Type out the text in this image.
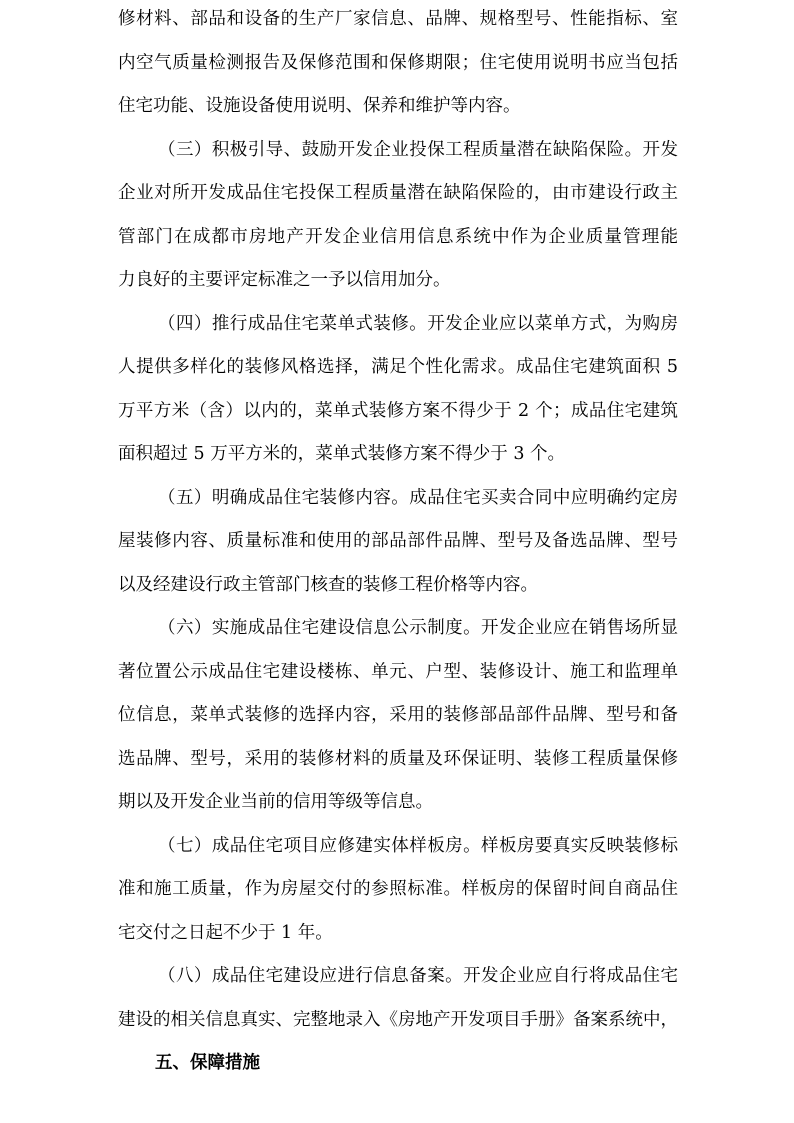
修材料、部品和设备的生产厂家信息、品牌、规格型号、性能指标、室
内空气质量检测报告及保修范围和保修期限；住宅使用说明书应当包括
住宅功能、设施设备使用说明、保养和维护等内容。
（三）积极引导、鼓励开发企业投保工程质量潜在缺陷保险。开发
企业对所开发成品住宅投保工程质量潜在缺陷保险的，由市建设行政主
管部门在成都市房地产开发企业信用信息系统中作为企业质量管理能
力良好的主要评定标准之一予以信用加分。
（四）推行成品住宅菜单式装修。开发企业应以菜单方式，为购房
人提供多样化的装修风格选择，满足个性化需求。成品住宅建筑面积 5
万平方米（含）以内的，菜单式装修方案不得少于 2 个；成品住宅建筑
面积超过 5 万平方米的，菜单式装修方案不得少于 3 个。
（五）明确成品住宅装修内容。成品住宅买卖合同中应明确约定房
屋装修内容、质量标准和使用的部品部件品牌、型号及备选品牌、型号
以及经建设行政主管部门核查的装修工程价格等内容。
（六）实施成品住宅建设信息公示制度。开发企业应在销售场所显
著位置公示成品住宅建设楼栋、单元、户型、装修设计、施工和监理单
位信息，菜单式装修的选择内容，采用的装修部品部件品牌、型号和备
选品牌、型号，采用的装修材料的质量及环保证明、装修工程质量保修
期以及开发企业当前的信用等级等信息。
（七）成品住宅项目应修建实体样板房。样板房要真实反映装修标
准和施工质量，作为房屋交付的参照标准。样板房的保留时间自商品住
宅交付之日起不少于 1 年。
（八）成品住宅建设应进行信息备案。开发企业应自行将成品住宅
建设的相关信息真实、完整地录入《房地产开发项目手册》备案系统中，
五、保障措施
